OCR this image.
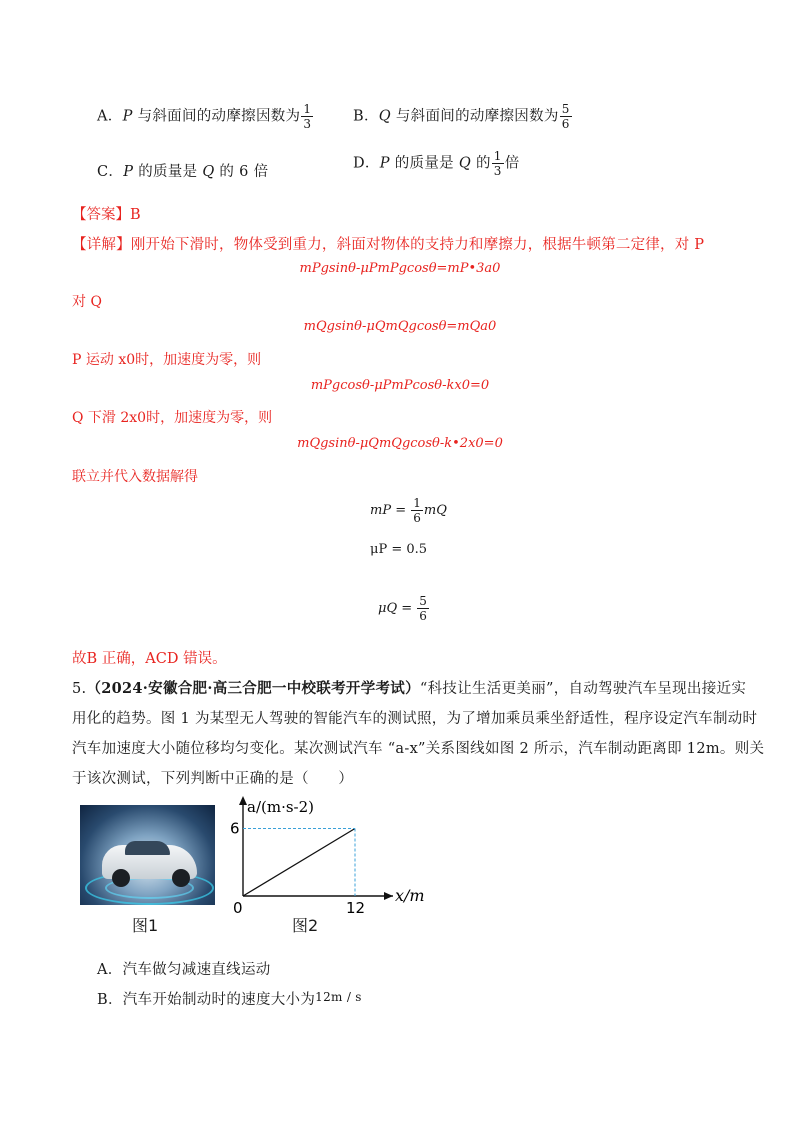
A．P 与斜面间的动摩擦因数为 $\frac{1}{3}$	B．Q 与斜面间的动摩擦因数为 $\frac{5}{6}$
C．P 的质量是 Q 的 6 倍
D．P 的质量是 Q 的 $\frac{1}{3}$ 倍
【答案】B
【详解】刚开始下滑时，物体受到重力，斜面对物体的支持力和摩擦力，根据牛顿第二定律，对 P
mPgsinθ-μPmPgcosθ=mP•3a0
对 Q
mQgsinθ-μQmQgcosθ=mQa0
P 运动 x0时，加速度为零，则
mPgcosθ-μPmPcosθ-kx0=0
Q 下滑 2x0时，加速度为零，则
mQgsinθ-μQmQgcosθ-k•2x0=0
联立并代入数据解得
mP = $\frac{1}{6}$ mQ
μP = 0.5
$\mu Q = \frac{5}{6}$
故B 正确，ACD 错误。
5.（2024·安徽合肥·高三合肥一中校联考开学考试）“科技让生活更美丽”，自动驾驶汽车呈现出接近实
用化的趋势。图 1 为某型无人驾驶的智能汽车的测试照，为了增加乘员乘坐舒适性，程序设定汽车制动时
汽车加速度大小随位移均匀变化。某次测试汽车 “a-x”关系图线如图 2 所示，汽车制动距离即 12m。则关
于该次测试，下列判断中正确的是（　　）
图1
0	12
6
x/m
a/(m·s-2)
图2
A．汽车做匀减速直线运动
B．汽车开始制动时的速度大小为$^{12m / s}$
